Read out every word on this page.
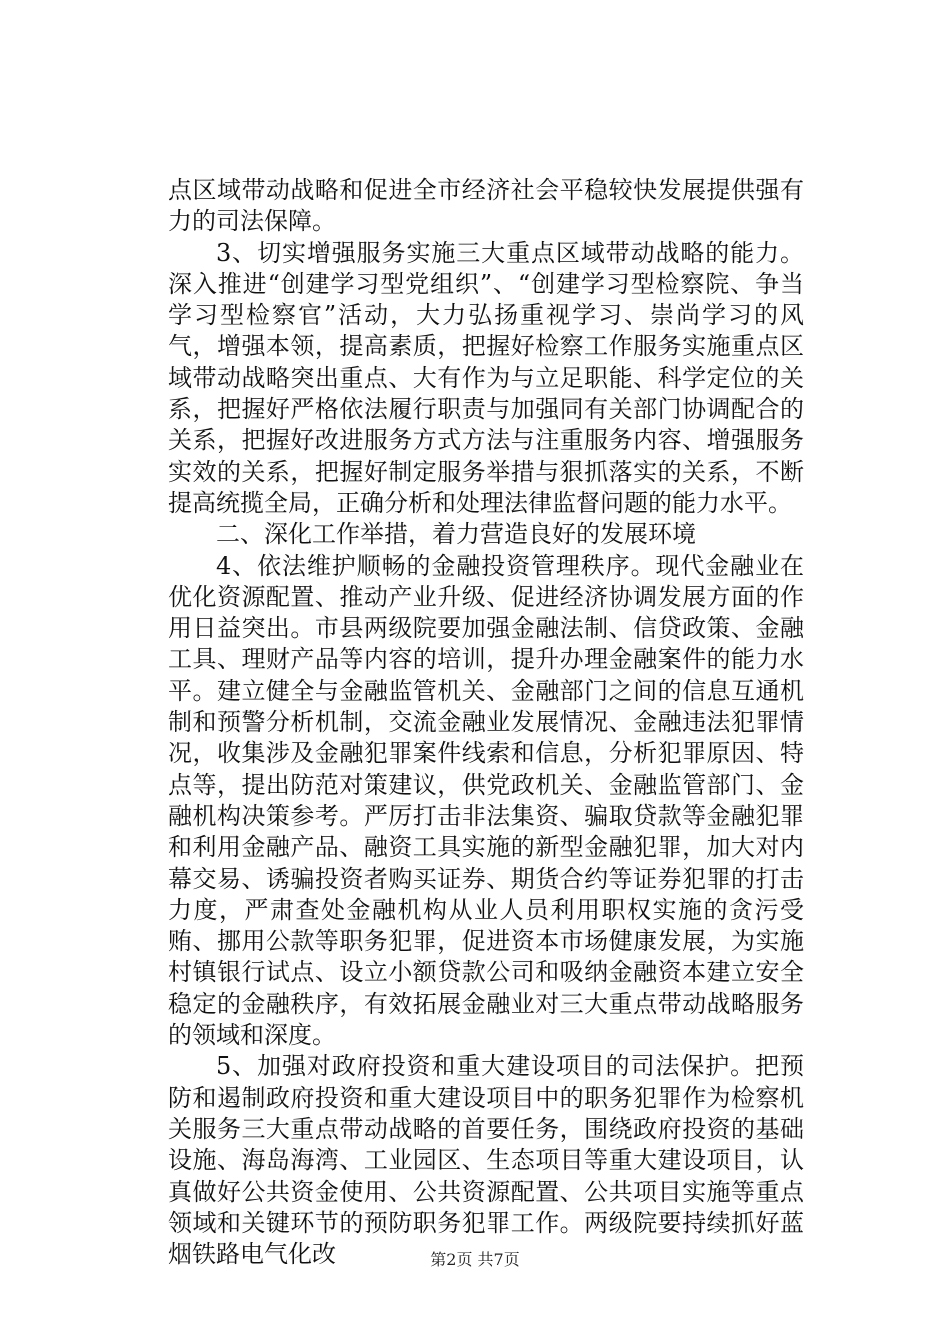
点区域带动战略和促进全市经济社会平稳较快发展提供强有力的司法保障。

3、切实增强服务实施三大重点区域带动战略的能力。深入推进“创建学习型党组织”、“创建学习型检察院、争当学习型检察官”活动，大力弘扬重视学习、崇尚学习的风气，增强本领，提高素质，把握好检察工作服务实施重点区域带动战略突出重点、大有作为与立足职能、科学定位的关系，把握好严格依法履行职责与加强同有关部门协调配合的关系，把握好改进服务方式方法与注重服务内容、增强服务实效的关系，把握好制定服务举措与狠抓落实的关系，不断提高统揽全局，正确分析和处理法律监督问题的能力水平。

二、深化工作举措，着力营造良好的发展环境

4、依法维护顺畅的金融投资管理秩序。现代金融业在优化资源配置、推动产业升级、促进经济协调发展方面的作用日益突出。市县两级院要加强金融法制、信贷政策、金融工具、理财产品等内容的培训，提升办理金融案件的能力水平。建立健全与金融监管机关、金融部门之间的信息互通机制和预警分析机制，交流金融业发展情况、金融违法犯罪情况，收集涉及金融犯罪案件线索和信息，分析犯罪原因、特点等，提出防范对策建议，供党政机关、金融监管部门、金融机构决策参考。严厉打击非法集资、骗取贷款等金融犯罪和利用金融产品、融资工具实施的新型金融犯罪，加大对内幕交易、诱骗投资者购买证券、期货合约等证券犯罪的打击力度，严肃查处金融机构从业人员利用职权实施的贪污受贿、挪用公款等职务犯罪，促进资本市场健康发展，为实施村镇银行试点、设立小额贷款公司和吸纳金融资本建立安全稳定的金融秩序，有效拓展金融业对三大重点带动战略服务的领域和深度。

5、加强对政府投资和重大建设项目的司法保护。把预防和遏制政府投资和重大建设项目中的职务犯罪作为检察机关服务三大重点带动战略的首要任务，围绕政府投资的基础设施、海岛海湾、工业园区、生态项目等重大建设项目，认真做好公共资金使用、公共资源配置、公共项目实施等重点领域和关键环节的预防职务犯罪工作。两级院要持续抓好蓝烟铁路电气化改	第2页 共7页
